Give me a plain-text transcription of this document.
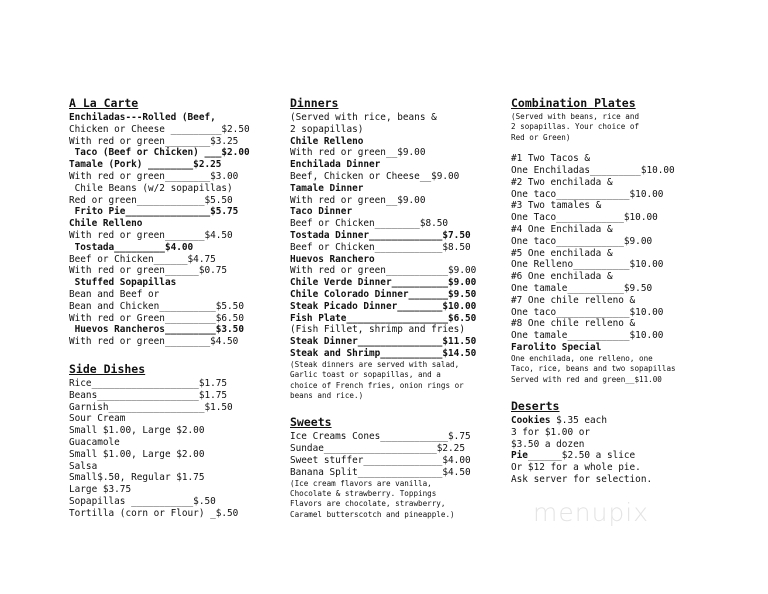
A La Carte
Enchiladas---Rolled (Beef,
Chicken or Cheese _________$2.50
With red or green________$3.25
Taco (Beef or Chicken) ___$2.00
Tamale (Pork) ________$2.25
With red or green________$3.00
Chile Beans (w/2 sopapillas)
Red or green____________$5.50
Frito Pie_______________$5.75
Chile Relleno
With red or green_______$4.50
Tostada_________$4.00
Beef or Chicken______$4.75
With red or green______$0.75
Stuffed Sopapillas
Bean and Beef or
Bean and Chicken__________$5.50
With red or Green_________$6.50
Huevos Rancheros_________$3.50
With red or green________$4.50
Side Dishes
Rice___________________$1.75
Beans__________________$1.75
Garnish_________________$1.50
Sour Cream
Small $1.00, Large $2.00
Guacamole
Small $1.00, Large $2.00
Salsa
Small$.50, Regular $1.75
Large $3.75
Sopapillas ___________$.50
Tortilla (corn or Flour) _$.50
Dinners
(Served with rice, beans &
2 sopapillas)
Chile Relleno
With red or green__$9.00
Enchilada Dinner
Beef, Chicken or Cheese__$9.00
Tamale Dinner
With red or green__$9.00
Taco Dinner
Beef or Chicken________$8.50
Tostada Dinner_____________$7.50
Beef or Chicken____________$8.50
Huevos Ranchero
With red or green___________$9.00
Chile Verde Dinner__________$9.00
Chile Colorado Dinner_______$9.50
Steak Picado Dinner________$10.00
Fish Plate__________________$6.50
(Fish Fillet, shrimp and fries)
Steak Dinner_______________$11.50
Steak and Shrimp___________$14.50
(Steak dinners are served with salad,
Garlic toast or sopapillas, and a
choice of French fries, onion rings or
beans and rice.)
Sweets
Ice Creams Cones____________$.75
Sundae____________________$2.25
Sweet stuffer______________$4.00
Banana Split_______________$4.50
(Ice cream flavors are vanilla,
Chocolate & strawberry. Toppings
Flavors are chocolate, strawberry,
Caramel butterscotch and pineapple.)
Combination Plates
(Served with beans, rice and
2 sopapillas. Your choice of
Red or Green)
#1 Two Tacos &
One Enchiladas_________$10.00
#2 Two enchilada &
One taco_____________$10.00
#3 Two tamales &
One Taco____________$10.00
#4 One Enchilada &
One taco____________$9.00
#5 One enchilada &
One Relleno__________$10.00
#6 One enchilada &
One tamale__________$9.50
#7 One chile relleno &
One taco_____________$10.00
#8 One chile relleno &
One tamale___________$10.00
Farolito Special
One enchilada, one relleno, one
Taco, rice, beans and two sopapillas
Served with red and green__$11.00
Deserts
Cookies $.35 each
3 for $1.00 or
$3.50 a dozen
Pie______$2.50 a slice
Or $12 for a whole pie.
Ask server for selection.
menupix
